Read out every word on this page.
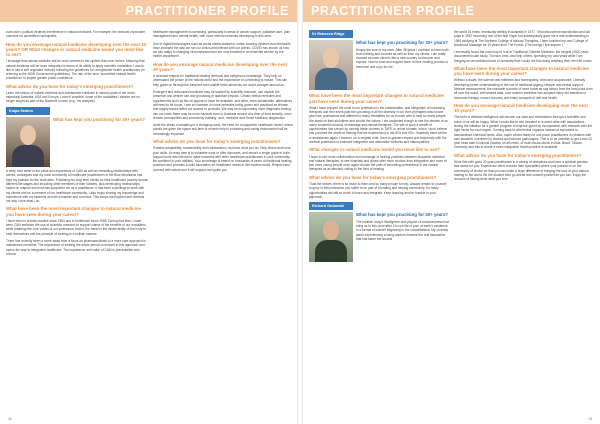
PRACTITIONER PROFILE PRACTITIONER PROFILE

curriculum, political (federal) interference in natural medicine. For example, the removal of provider numbers for accredited naturopaths.

How do you envisage natural medicine developing over the next 30 years? OR What changes in natural medicine would you most like to see?

I envisage that natural medicine will be more centred to the system than ever before. Meaning that natural medicine will be more integrated in terms of its ability to apply scientific modalities. I would like to see a self-regulated industry following the guidelines for unregistered health practitioners (re referring to the NSW Government guidelines). The use of the term 'accredited natural health practitioner' to inspire greater public confidence.

What advice do you have for today's emerging practitioners?

Learn the history of natural medicine and mainstream medicine in various parts of the world, especially Australia, USA and Europe. Learn if possible, some of the modalities I believe are no longer taught as part of the Bachelor course (e.g., iris analysis).

Kalpa Seaton
What has kept you practising for 30+ years?

A deep held belief in the value and importance of CAM as well as rewarding relationships with clients, colleagues and my local community of healthcare practitioners in the Blue Mountains has kept my passion for the work alive. Practising my long term clients on their healthcare journey across different life stages and including other members of their families, plus developing relationships based on respect and trust has supported me as a practitioner. It has been a privilege to work with my clients and be a member of our healthcare community. I also enjoy sharing my knowledge and experience with my students as both a teacher and a mentor. This keeps me inspired and reminds me why I love what I do.

What have been the most important changes to natural medicine you have seen during your career?

I have been in private practice since 1993 and in healthcare since 1985. During that time, I have seen CAM embrace the use of scientific research to support claims of the benefits of our modalities, while retaining the core values of our profession; that is, the belief in the innate ability of the body to heal themselves and the principle of treating in a holistic manner.

There has recently been a move away from a focus on pharmaceuticals to a more care approach in mainstream medicine. The importance of treating the whole person is echoed in this approach and opens the way to integrative healthcare. The importance and value of CAM in preventative and chronic

healthcare management is increasing, particularly in areas of cancer support, palliative care, pain management and mental health, with more referral networks developing in this area.

Use of digital technologies such as social media platforms, online booking systems and telehealth have changed the way we run our clinics and interact with our clients. COVID has shown us how we can adapt to changing circumstances and are now invested in an essential service by the health department.

How do you envisage natural medicine developing over the next 30 years?

A renewed respect for traditional healing methods and indigenous knowledge. They help us understand the power of the natural world and the importance of connecting to nature. This can help guide us through the turbulent and volatile times ahead as our world changes around us.

Emergent and refocussed medicine may be backed by scientific research, can explain the presence and deeper use and grounding of quantum physics. Certain herbal remedies and supplements such as fish oil appear to have be available, and other, more sustainable, alternatives will need to be found. I see an increase in home remedies being grown and practiced as climate and supply issues affect our access to products. We may be incorporating more diagnostic testing into our work; there may be more hazards even in Australia around at a time of food security, more remote communities and community building; cure, medicine and Home Medicine diagnostics.

Amid the stress of adapting to a changing world, the need for a supportive healthcare model, where clients are given the space and time to receive help in a relaxing and caring environment will be increasingly important.

What advice do you have for today's emerging practitioners?

Practise adaptability, sustainability and collaboration, and love what you do. Help others and hone your skills. An easy step is to volunteer work or offer discounts, and rework a single guide in build support tools and referral to make networks with other healthcare practitioners in your community. Be confident in your abilities. Your knowledge is based on thousands of years of traditional healing practices and provides a solid foundation for healthcare needs in this modern world. Respect and connect with nature and it will support and guide you.

Dr Rebecca Ridge
What has kept you practising for 30+ years?

Simply the love of my work. After 38 years I continue to learn both from training and courses as well as from my clients. I am really focused as each client is like a new country to discover and explore. How to read and support them in their healing process is immense and a joy for me.

What have been the most important changes to natural medicine you have seen during your career?

What I have enjoyed the most in our profession is the collaboration, and integration of increasing therapies and the recent past the uprooting of all the diversity in our lives (therapies which have given the professions and different to many modalities for us to work with to help so many people. We stand on their shoulders and should the voices. I am saddened though to see the demise of so many wonderful schools of massage and natural therapies. The site of such a wealth of opportunities has shrunk by moving these courses to TAFE or online formats, which I don't believe has provided the depth of training that we experienced in the 80's and 90's. Hopefully there will be a renaissance again. However, on a brighter note, there is greater respect and reciprocity with the medical profession to embrace integrative and alternative wellness and naturopathies.

What changes in natural medicine would you most like to see?

I hope to see more collaboration and exchange of healing practices between allopathic medicine and natural therapies, to see hospitals and clinics offer more choices from integration and more to see more young people once again choose the path of becoming professional in the natural therapies as an altruistic calling to the field of healing.

What advice do you have for today's emerging practitioners?

Trust the stories, there is so much to learn and so many people to help. Always remain to yourself to grow in this profession you suffer to be part of a healing and helping community. So many opportunities will still so much to learn and integrate. Keep learning and be humble in your approach.

Richard Gutowski
What has kept you practising for 30+ years?

The intuitive body's intelligence and psyche of consciousness that bring us to this point after 3 is rich life of your of earth's existence, in a format of wonder beginning in the constellations. My curiosity about experiencing a living wisdom became the real fascination that has taken me around

the world 24 times, eventually settling in Australia in 1977. I first discovered macrobiotics and did yoga in 1967 becoming one of the first Yogis, but subsequently gave me a real understanding in 1968 studying at The Northern College of Natural Therapies. I later founded my own College of Advanced Massage for 19 years from The Forest. (The energy I like anyone.)

I eventually found the road map to it all in Traditional Chinese Medicine, the longest (4000 year) documented case study. To learn, heal, and help others, spending my vast years while I am bringing an unconditional love of humanity that I could not find doing anything else, feel like music.

What have been the most important changes to natural medicine you have seen during your career?

Without a doubt, the science and intellects and homeopathy, chiro and acupuncture, Liberally developing better understanding of the use of medicinal qigong, lifestyle and herbal support. Medical measurement, the workable success of more foods as spa labour from the best plant form all over the world, with shared data, cure modern medicine has adopted many old traditions in hormonal therapy, cancer recovery and many concepts of diet and health.

How do you envisage natural medicine developing over the next 30 years?

The truth is artificial intelligence will decode our data and medications through a scientific and some of us will be happy. What I would like to see invested in is world-wide with associations linking the initiation for a greater program to improve greed by incorporation with research with the right herbs for each region. Coming back to wild herbal organics instead of equivalent to standardised chemical herbs. Also, super clinics ready for one-place practitioners in relations with new students, overseen by doctors and science pathologies. This is to be possible to get a real 10 year head start in clinical practice on all levels, of multi-modal clinics in Asia, Brazil, Taiwan, Germany, and this is where a more integrative health practice is available.

What advice do you have for today's emerging practitioners?

Work first with good 20-year practitioners in a variety of disciplines and have a spiritual practice that works for you. Experience other cultures their specialties where your passion is on the community of choice so that you can make a huge difference in bringing the love of your natural healing to the world. Be the student then go ahead and commit yourself as you can. Enjoy the success of having done what you love.

32	33
